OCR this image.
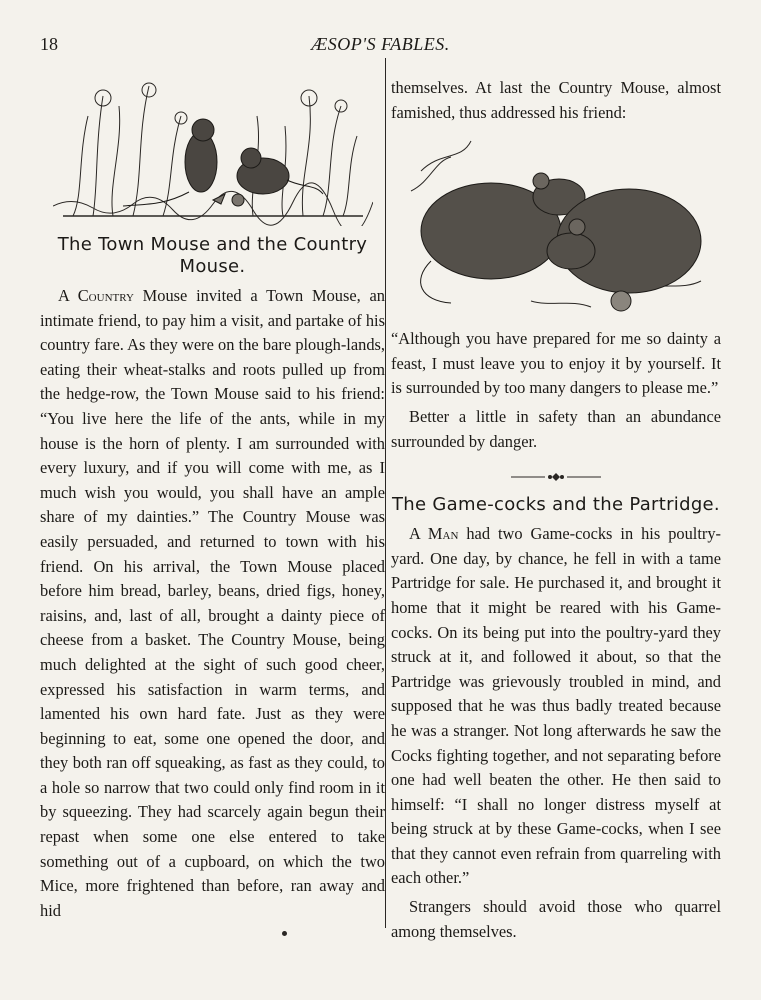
18	ÆSOP'S FABLES.
The Town Mouse and the Country Mouse.

A Country Mouse invited a Town Mouse, an intimate friend, to pay him a visit, and partake of his country fare. As they were on the bare plough-lands, eating their wheat-stalks and roots pulled up from the hedge-row, the Town Mouse said to his friend: “You live here the life of the ants, while in my house is the horn of plenty. I am surrounded with every luxury, and if you will come with me, as I much wish you would, you shall have an ample share of my dainties.” The Country Mouse was easily persuaded, and returned to town with his friend. On his arrival, the Town Mouse placed before him bread, barley, beans, dried figs, honey, raisins, and, last of all, brought a dainty piece of cheese from a basket. The Country Mouse, being much delighted at the sight of such good cheer, expressed his satisfaction in warm terms, and lamented his own hard fate. Just as they were beginning to eat, some one opened the door, and they both ran off squeaking, as fast as they could, to a hole so narrow that two could only find room in it by squeezing. They had scarcely again begun their repast when some one else entered to take something out of a cupboard, on which the two Mice, more frightened than before, ran away and hid

themselves. At last the Country Mouse, almost famished, thus addressed his friend:

“Although you have prepared for me so dainty a feast, I must leave you to enjoy it by yourself. It is surrounded by too many dangers to please me.”

Better a little in safety than an abundance surrounded by danger.

The Game-cocks and the Partridge.

A Man had two Game-cocks in his poultry-yard. One day, by chance, he fell in with a tame Partridge for sale. He purchased it, and brought it home that it might be reared with his Game-cocks. On its being put into the poultry-yard they struck at it, and followed it about, so that the Partridge was grievously troubled in mind, and supposed that he was thus badly treated because he was a stranger. Not long afterwards he saw the Cocks fighting together, and not separating before one had well beaten the other. He then said to himself: “I shall no longer distress myself at being struck at by these Game-cocks, when I see that they cannot even refrain from quarreling with each other.”

Strangers should avoid those who quarrel among themselves.
